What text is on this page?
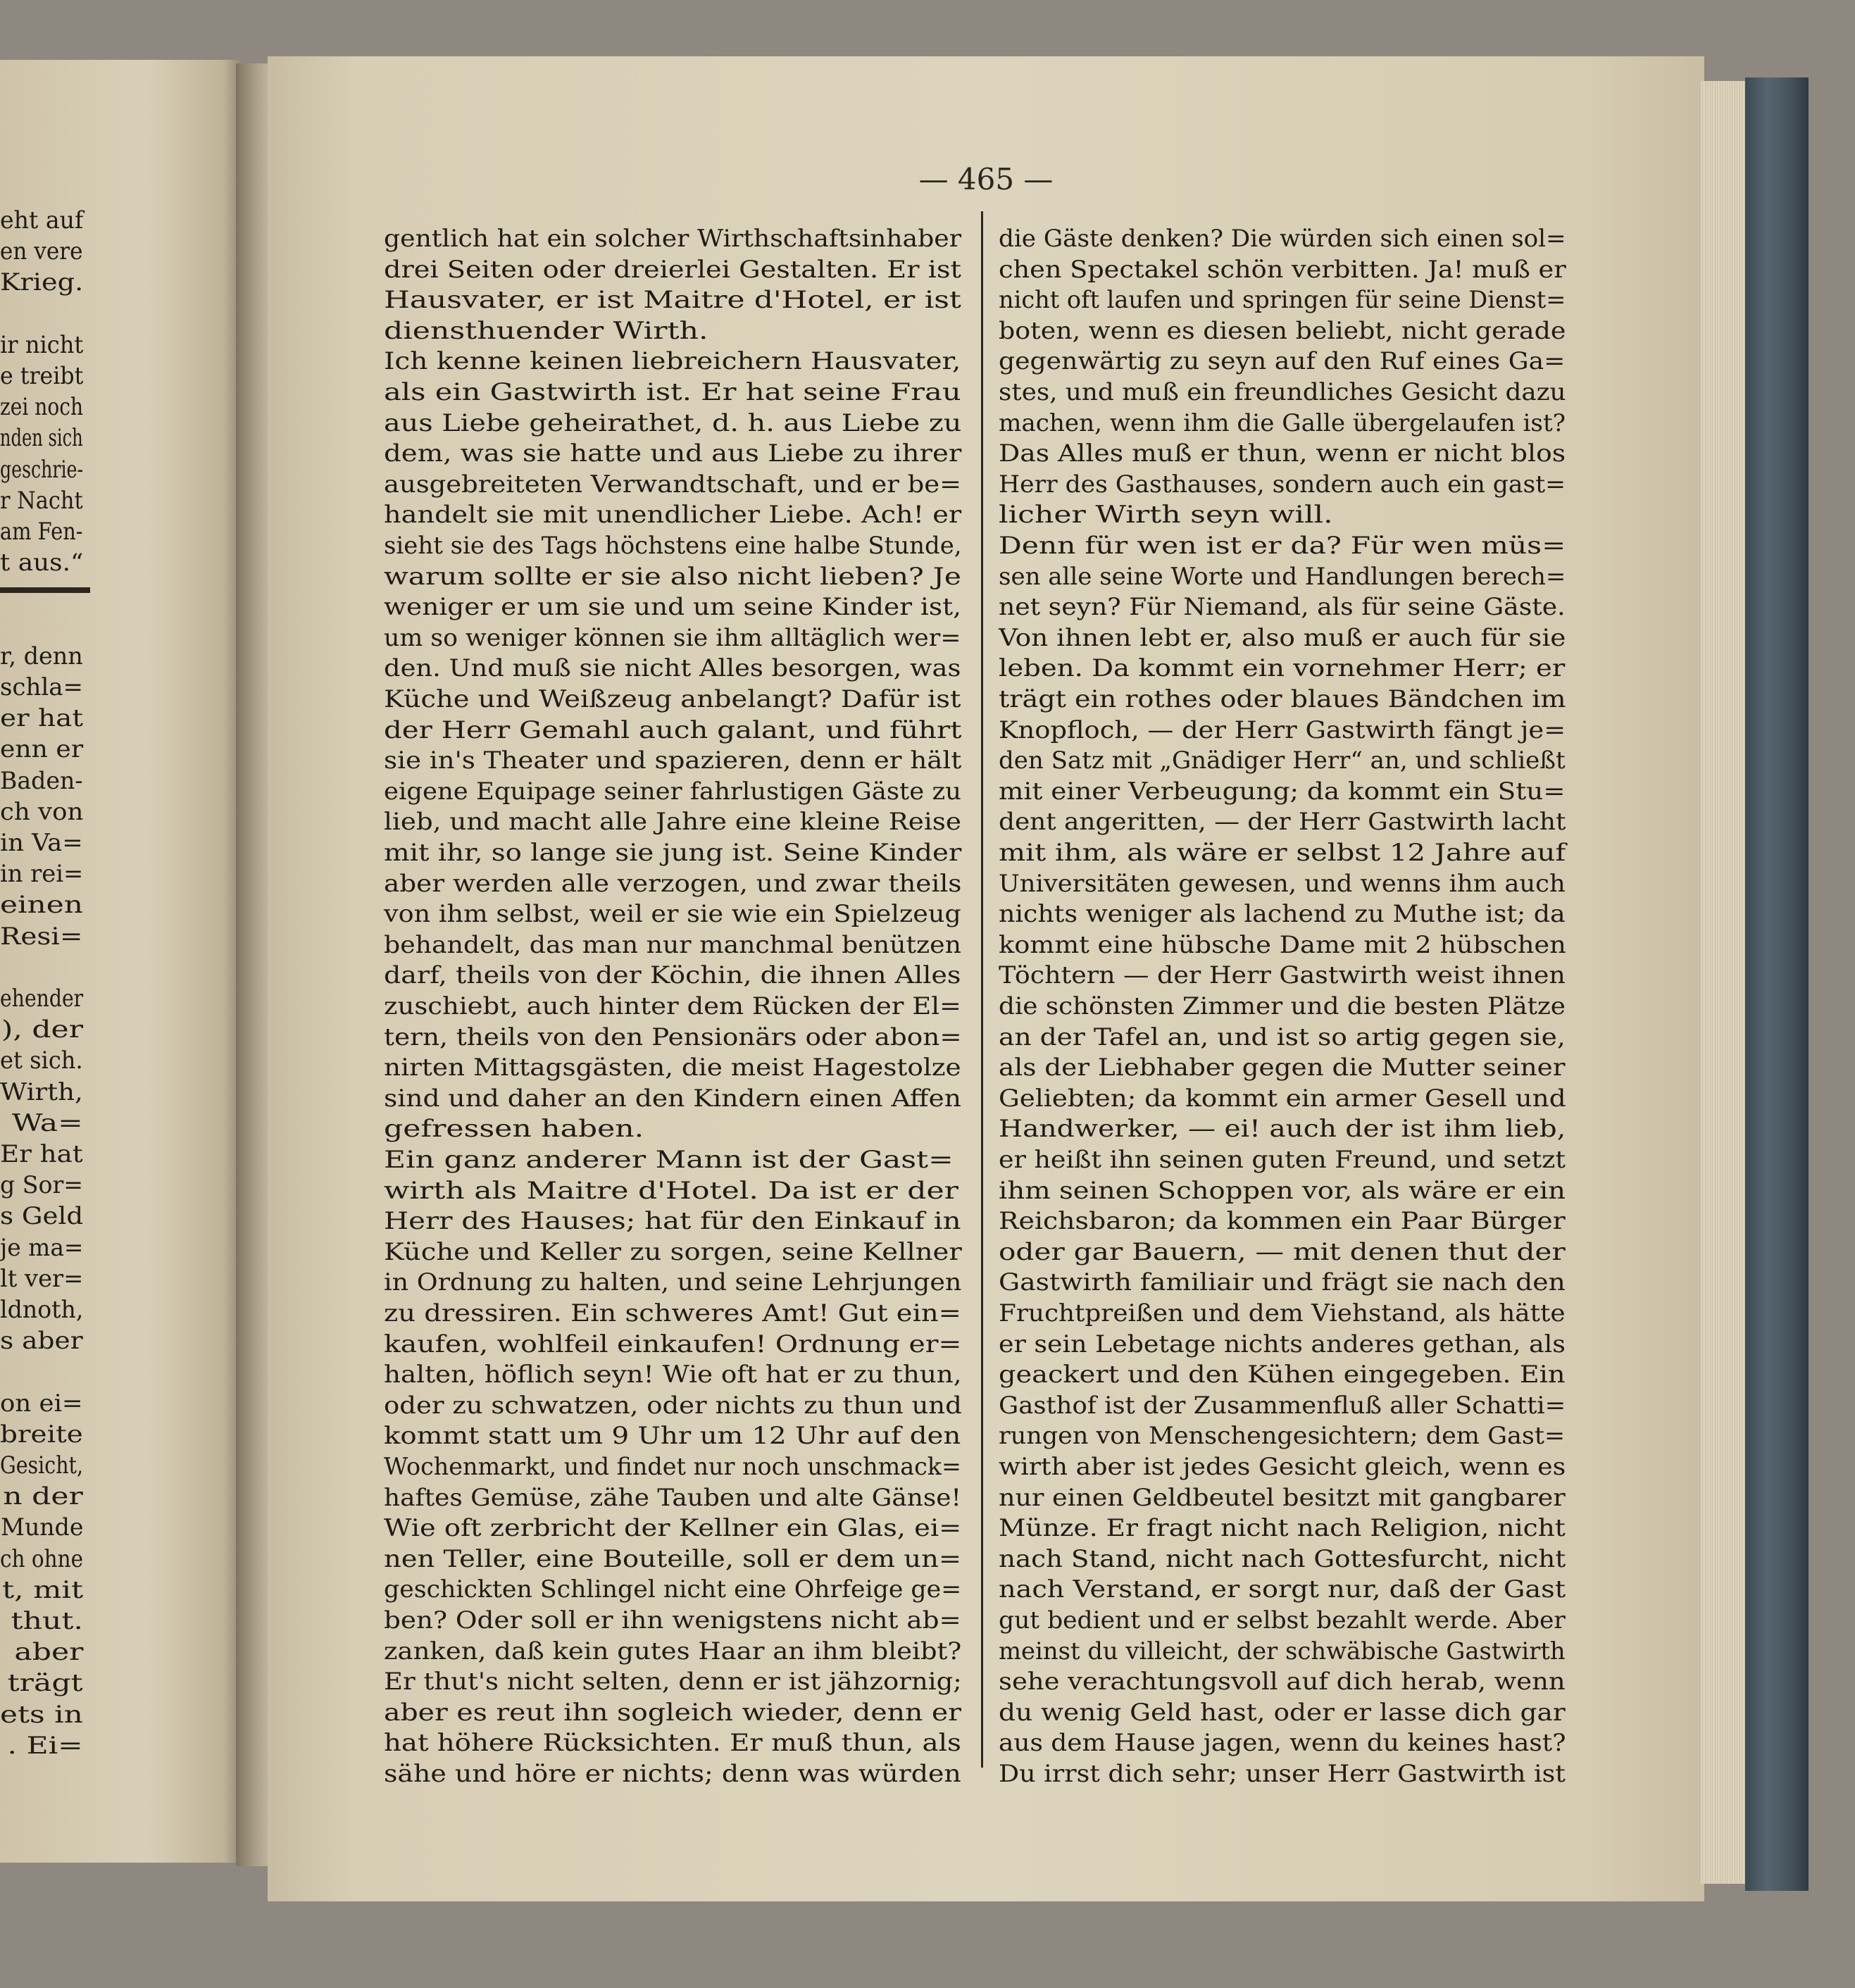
— 465 —
eht auf
en vere
Krieg.
ir nicht
e treibt
zei noch
nden sich
geschrie-
r Nacht
am Fen-
t aus.“
r, denn
schla=
er hat
enn er
Baden-
ch von
in Va=
in rei=
einen
Resi=
ehender
), der
et sich.
Wirth,
Wa=
Er hat
g Sor=
s Geld
je ma=
lt ver=
ldnoth,
s aber
on ei=
breite
Gesicht,
n der
Munde
ch ohne
t, mit
thut.
aber
trägt
ets in
. Ei=
gentlich hat ein solcher Wirthschaftsinhaber
drei Seiten oder dreierlei Gestalten. Er ist
Hausvater, er ist Maitre d'Hotel, er ist
diensthuender Wirth.
Ich kenne keinen liebreichern Hausvater,
als ein Gastwirth ist. Er hat seine Frau
aus Liebe geheirathet, d. h. aus Liebe zu
dem, was sie hatte und aus Liebe zu ihrer
ausgebreiteten Verwandtschaft, und er be=
handelt sie mit unendlicher Liebe. Ach! er
sieht sie des Tags höchstens eine halbe Stunde,
warum sollte er sie also nicht lieben? Je
weniger er um sie und um seine Kinder ist,
um so weniger können sie ihm alltäglich wer=
den. Und muß sie nicht Alles besorgen, was
Küche und Weißzeug anbelangt? Dafür ist
der Herr Gemahl auch galant, und führt
sie in's Theater und spazieren, denn er hält
eigene Equipage seiner fahrlustigen Gäste zu
lieb, und macht alle Jahre eine kleine Reise
mit ihr, so lange sie jung ist. Seine Kinder
aber werden alle verzogen, und zwar theils
von ihm selbst, weil er sie wie ein Spielzeug
behandelt, das man nur manchmal benützen
darf, theils von der Köchin, die ihnen Alles
zuschiebt, auch hinter dem Rücken der El=
tern, theils von den Pensionärs oder abon=
nirten Mittagsgästen, die meist Hagestolze
sind und daher an den Kindern einen Affen
gefressen haben.
Ein ganz anderer Mann ist der Gast=
wirth als Maitre d'Hotel. Da ist er der
Herr des Hauses; hat für den Einkauf in
Küche und Keller zu sorgen, seine Kellner
in Ordnung zu halten, und seine Lehrjungen
zu dressiren. Ein schweres Amt! Gut ein=
kaufen, wohlfeil einkaufen! Ordnung er=
halten, höflich seyn! Wie oft hat er zu thun,
oder zu schwatzen, oder nichts zu thun und
kommt statt um 9 Uhr um 12 Uhr auf den
Wochenmarkt, und findet nur noch unschmack=
haftes Gemüse, zähe Tauben und alte Gänse!
Wie oft zerbricht der Kellner ein Glas, ei=
nen Teller, eine Bouteille, soll er dem un=
geschickten Schlingel nicht eine Ohrfeige ge=
ben? Oder soll er ihn wenigstens nicht ab=
zanken, daß kein gutes Haar an ihm bleibt?
Er thut's nicht selten, denn er ist jähzornig;
aber es reut ihn sogleich wieder, denn er
hat höhere Rücksichten. Er muß thun, als
sähe und höre er nichts; denn was würden
die Gäste denken? Die würden sich einen sol=
chen Spectakel schön verbitten. Ja! muß er
nicht oft laufen und springen für seine Dienst=
boten, wenn es diesen beliebt, nicht gerade
gegenwärtig zu seyn auf den Ruf eines Ga=
stes, und muß ein freundliches Gesicht dazu
machen, wenn ihm die Galle übergelaufen ist?
Das Alles muß er thun, wenn er nicht blos
Herr des Gasthauses, sondern auch ein gast=
licher Wirth seyn will.
Denn für wen ist er da? Für wen müs=
sen alle seine Worte und Handlungen berech=
net seyn? Für Niemand, als für seine Gäste.
Von ihnen lebt er, also muß er auch für sie
leben. Da kommt ein vornehmer Herr; er
trägt ein rothes oder blaues Bändchen im
Knopfloch, — der Herr Gastwirth fängt je=
den Satz mit „Gnädiger Herr“ an, und schließt
mit einer Verbeugung; da kommt ein Stu=
dent angeritten, — der Herr Gastwirth lacht
mit ihm, als wäre er selbst 12 Jahre auf
Universitäten gewesen, und wenns ihm auch
nichts weniger als lachend zu Muthe ist; da
kommt eine hübsche Dame mit 2 hübschen
Töchtern — der Herr Gastwirth weist ihnen
die schönsten Zimmer und die besten Plätze
an der Tafel an, und ist so artig gegen sie,
als der Liebhaber gegen die Mutter seiner
Geliebten; da kommt ein armer Gesell und
Handwerker, — ei! auch der ist ihm lieb,
er heißt ihn seinen guten Freund, und setzt
ihm seinen Schoppen vor, als wäre er ein
Reichsbaron; da kommen ein Paar Bürger
oder gar Bauern, — mit denen thut der
Gastwirth familiair und frägt sie nach den
Fruchtpreißen und dem Viehstand, als hätte
er sein Lebetage nichts anderes gethan, als
geackert und den Kühen eingegeben. Ein
Gasthof ist der Zusammenfluß aller Schatti=
rungen von Menschengesichtern; dem Gast=
wirth aber ist jedes Gesicht gleich, wenn es
nur einen Geldbeutel besitzt mit gangbarer
Münze. Er fragt nicht nach Religion, nicht
nach Stand, nicht nach Gottesfurcht, nicht
nach Verstand, er sorgt nur, daß der Gast
gut bedient und er selbst bezahlt werde. Aber
meinst du villeicht, der schwäbische Gastwirth
sehe verachtungsvoll auf dich herab, wenn
du wenig Geld hast, oder er lasse dich gar
aus dem Hause jagen, wenn du keines hast?
Du irrst dich sehr; unser Herr Gastwirth ist
